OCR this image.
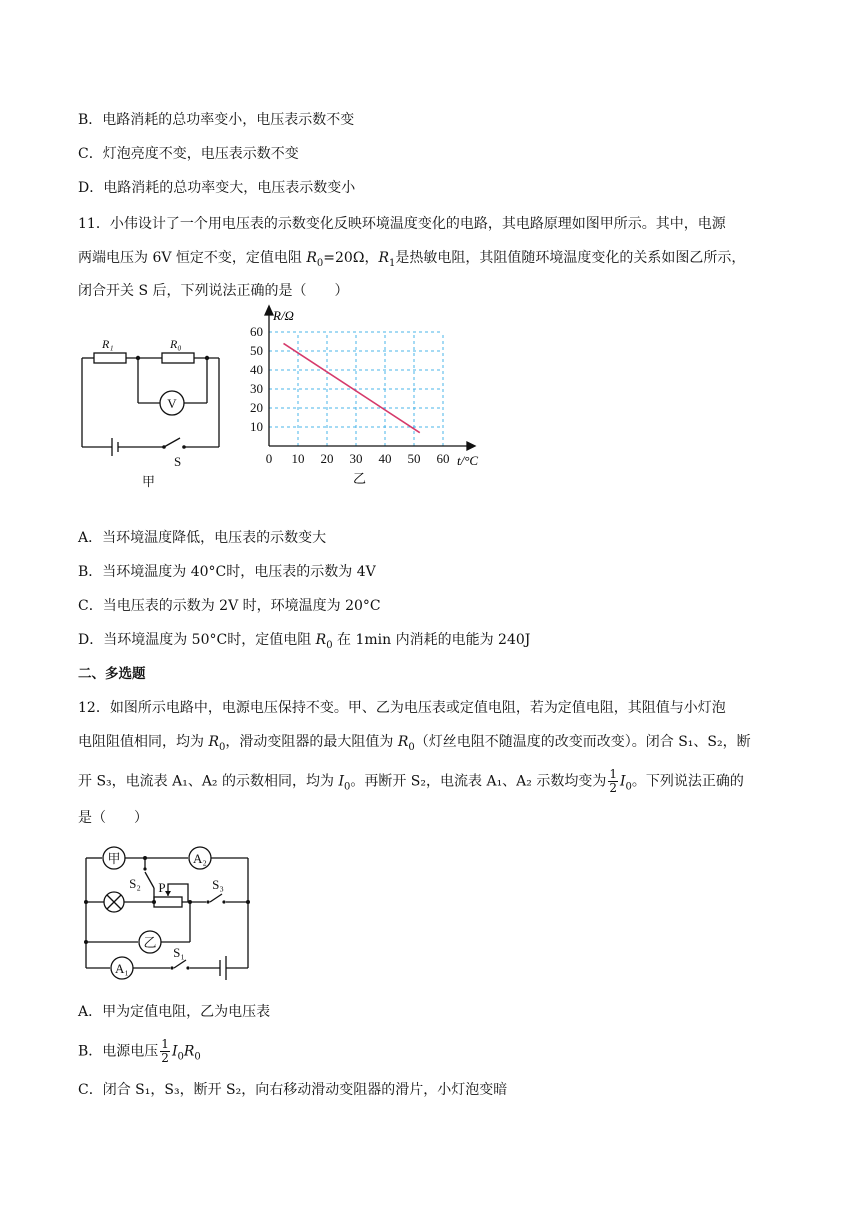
B．电路消耗的总功率变小，电压表示数不变
C．灯泡亮度不变，电压表示数不变
D．电路消耗的总功率变大，电压表示数变小
11．小伟设计了一个用电压表的示数变化反映环境温度变化的电路，其电路原理如图甲所示。其中，电源
两端电压为 6V 恒定不变，定值电阻 $R_0=20\Omega$，$R_1$是热敏电阻，其阻值随环境温度变化的关系如图乙所示，
闭合开关 S 后，下列说法正确的是（　　）
R₁	R₀
V
S
甲
10
20
30
40
50
60
0 10 20 30 40 50 60
R/Ω
t/°C
乙
A．当环境温度降低，电压表的示数变大
B．当环境温度为 40°C时，电压表的示数为 4V
C．当电压表的示数为 2V 时，环境温度为 20°C
D．当环境温度为 50°C时，定值电阻 $R_0$ 在 1min 内消耗的电能为 240J
二、多选题
12．如图所示电路中，电源电压保持不变。甲、乙为电压表或定值电阻，若为定值电阻，其阻值与小灯泡
电阻阻值相同，均为 $R_0$，滑动变阻器的最大阻值为 $R_0$（灯丝电阻不随温度的改变而改变）。闭合 S₁、S₂，断
开 S₃，电流表 A₁、A₂ 的示数相同，均为 $I_0$。再断开 S₂，电流表 A₁、A₂ 示数均变为 $\frac{1}{2} I_0$。下列说法正确的
是（　　）
甲	A₂
乙
A₁
S₂ P	S₃
S₁
A．甲为定值电阻，乙为电压表
B．电源电压 $\frac{1}{2} I_0R_0$
C．闭合 S₁，S₃，断开 S₂，向右移动滑动变阻器的滑片，小灯泡变暗
